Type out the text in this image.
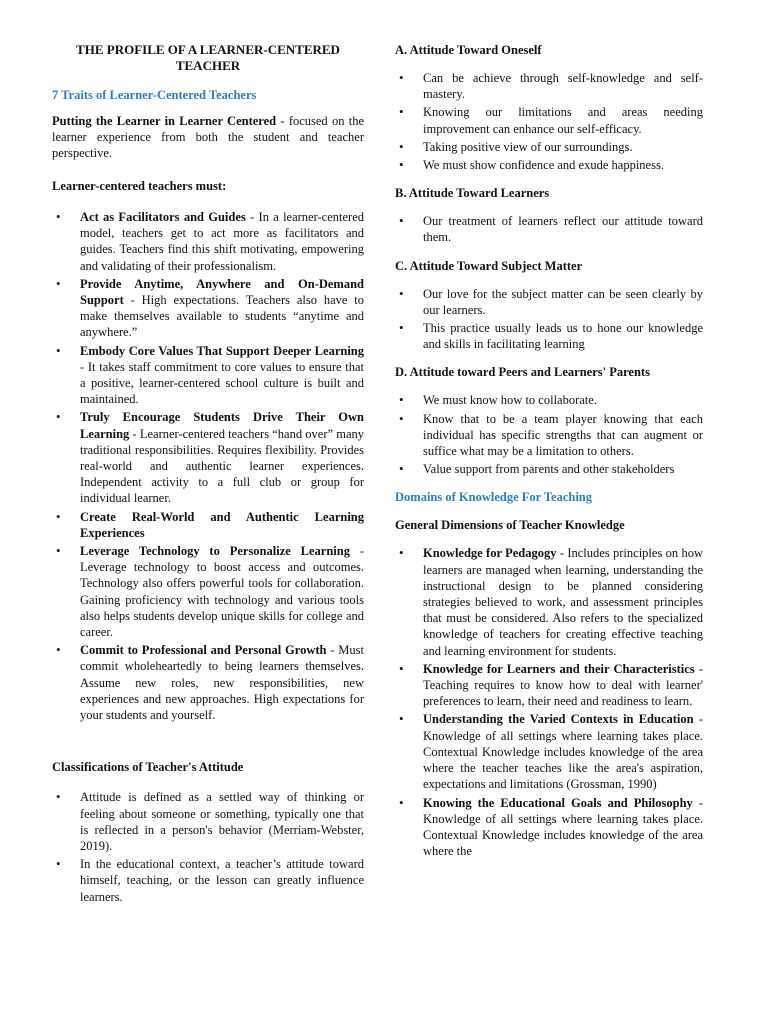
THE PROFILE OF A LEARNER-CENTERED TEACHER

7 Traits of Learner-Centered Teachers

Putting the Learner in Learner Centered - focused on the learner experience from both the student and teacher perspective.

Learner-centered teachers must:

• Act as Facilitators and Guides - In a learner-centered model, teachers get to act more as facilitators and guides. Teachers find this shift motivating, empowering and validating of their professionalism.
• Provide Anytime, Anywhere and On-Demand Support - High expectations. Teachers also have to make themselves available to students “anytime and anywhere.”
• Embody Core Values That Support Deeper Learning - It takes staff commitment to core values to ensure that a positive, learner-centered school culture is built and maintained.
• Truly Encourage Students Drive Their Own Learning - Learner-centered teachers “hand over” many traditional responsibilities. Requires flexibility. Provides real-world and authentic learner experiences. Independent activity to a full club or group for individual learner.
• Create Real-World and Authentic Learning Experiences
• Leverage Technology to Personalize Learning - Leverage technology to boost access and outcomes. Technology also offers powerful tools for collaboration. Gaining proficiency with technology and various tools also helps students develop unique skills for college and career.
• Commit to Professional and Personal Growth - Must commit wholeheartedly to being learners themselves. Assume new roles, new responsibilities, new experiences and new approaches. High expectations for your students and yourself.

Classifications of Teacher's Attitude

• Attitude is defined as a settled way of thinking or feeling about someone or something, typically one that is reflected in a person's behavior (Merriam-Webster, 2019).
• In the educational context, a teacher’s attitude toward himself, teaching, or the lesson can greatly influence learners.

A. Attitude Toward Oneself

• Can be achieve through self-knowledge and self-mastery.
• Knowing our limitations and areas needing improvement can enhance our self-efficacy.
• Taking positive view of our surroundings.
• We must show confidence and exude happiness.

B. Attitude Toward Learners

• Our treatment of learners reflect our attitude toward them.

C. Attitude Toward Subject Matter

• Our love for the subject matter can be seen clearly by our learners.
• This practice usually leads us to hone our knowledge and skills in facilitating learning

D. Attitude toward Peers and Learners' Parents

• We must know how to collaborate.
• Know that to be a team player knowing that each individual has specific strengths that can augment or suffice what may be a limitation to others.
• Value support from parents and other stakeholders

Domains of Knowledge For Teaching

General Dimensions of Teacher Knowledge

• Knowledge for Pedagogy - Includes principles on how learners are managed when learning, understanding the instructional design to be planned considering strategies believed to work, and assessment principles that must be considered. Also refers to the specialized knowledge of teachers for creating effective teaching and learning environment for students.
• Knowledge for Learners and their Characteristics - Teaching requires to know how to deal with learner' preferences to learn, their need and readiness to learn.
• Understanding the Varied Contexts in Education - Knowledge of all settings where learning takes place. Contextual Knowledge includes knowledge of the area where the teacher teaches like the area's aspiration, expectations and limitations (Grossman, 1990)
• Knowing the Educational Goals and Philosophy - Knowledge of all settings where learning takes place. Contextual Knowledge includes knowledge of the area where the
